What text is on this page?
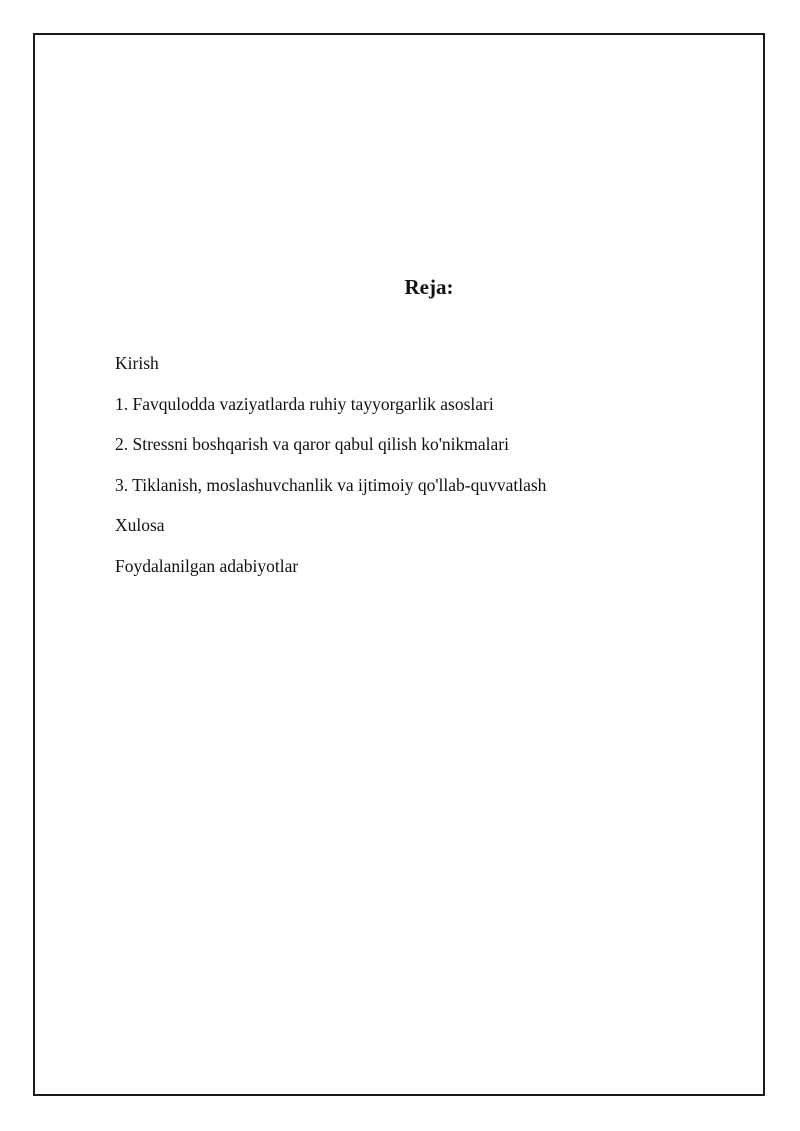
Reja:
Kirish
1. Favqulodda vaziyatlarda ruhiy tayyorgarlik asoslari
2. Stressni boshqarish va qaror qabul qilish ko'nikmalari
3. Tiklanish, moslashuvchanlik va ijtimoiy qo'llab-quvvatlash
Xulosa
Foydalanilgan adabiyotlar
